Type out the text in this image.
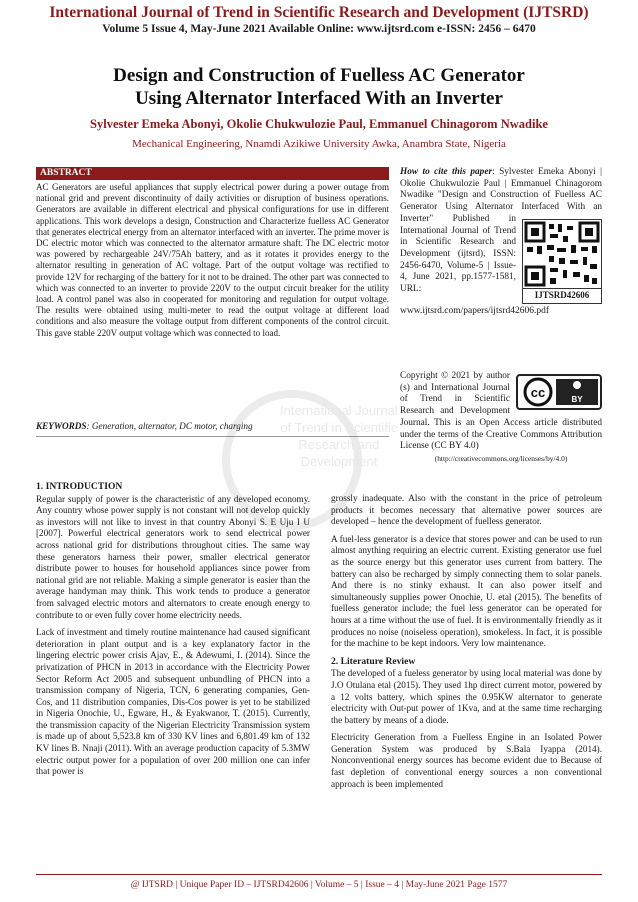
International Journal of Trend in Scientific Research and Development (IJTSRD)
Volume 5 Issue 4, May-June 2021 Available Online: www.ijtsrd.com e-ISSN: 2456 – 6470
Design and Construction of Fuelless AC Generator
Using Alternator Interfaced With an Inverter
Sylvester Emeka Abonyi, Okolie Chukwulozie Paul, Emmanuel Chinagorom Nwadike
Mechanical Engineering, Nnamdi Azikiwe University Awka, Anambra State, Nigeria
ABSTRACT
AC Generators are useful appliances that supply electrical power during a power outage from national grid and prevent discontinuity of daily activities or disruption of business operations. Generators are available in different electrical and physical configurations for use in different applications. This work develops a design, Construction and Characterize fuelless AC Generator that generates electrical energy from an alternator interfaced with an inverter. The prime mover is DC electric motor which was connected to the alternator armature shaft. The DC electric motor was powered by rechargeable 24V/75Ah battery, and as it rotates it provides energy to the alternator resulting in generation of AC voltage. Part of the output voltage was rectified to provide 12V for recharging of the battery for it not to be drained. The other part was connected to which was connected to an inverter to provide 220V to the output circuit breaker for the utility load. A control panel was also in cooperated for monitoring and regulation for output voltage. The results were obtained using multi-meter to read the output voltage at different load conditions and also measure the voltage output from different components of the control circuit. This gave stable 220V output voltage which was connected to load.
KEYWORDS: Generation, alternator, DC motor, charging
International Journal
of Trend in Scientific
Research and
Development
How to cite this paper: Sylvester Emeka Abonyi | Okolie Chukwulozie Paul | Emmanuel Chinagorom Nwadike "Design and Construction of Fuelless AC Generator Using Alternator Interfaced With an Inverter"
IJTSRD42606
Published in International Journal of Trend in Scientific Research and Development (ijtsrd), ISSN: 2456-6470, Volume-5 | Issue-4, June 2021, pp.1577-1581, URL:
www.ijtsrd.com/papers/ijtsrd42606.pdf
cc	BY
Copyright © 2021 by author (s) and International Journal of Trend in Scientific Research and Development Journal. This is an Open Access article distributed under the terms of the Creative Commons Attribution License (CC BY 4.0)
(http://creativecommons.org/licenses/by/4.0)
1. INTRODUCTION

Regular supply of power is the characteristic of any developed economy. Any country whose power supply is not constant will not develop quickly as investors will not like to invest in that country Abonyi S. E Uju I U [2007]. Powerful electrical generators work to send electrical power across national grid for distributions throughout cities. The same way these generators harness their power, smaller electrical generator distribute power to houses for household appliances since power from national grid are not reliable. Making a simple generator is easier than the average handyman may think. This work tends to produce a generator from salvaged electric motors and alternators to create enough energy to contribute to or even fully cover home electricity needs.

Lack of investment and timely routine maintenance had caused significant deterioration in plant output and is a key explanatory factor in the lingering electric power crisis Ajav, E., & Adewumi, I. (2014). Since the privatization of PHCN in 2013 in accordance with the Electricity Power Sector Reform Act 2005 and subsequent unbundling of PHCN into a transmission company of Nigeria, TCN, 6 generating companies, Gen-Cos, and 11 distribution companies, Dis-Cos power is yet to be stabilized in Nigeria Onochie, U., Egware, H., & Eyakwanor, T. (2015). Currently, the transmission capacity of the Nigerian Electricity Transmission system is made up of about 5,523.8 km of 330 KV lines and 6,801.49 km of 132 KV lines B. Nnaji (2011). With an average production capacity of 5.3MW electric output power for a population of over 200 million one can infer that power is

grossly inadequate. Also with the constant in the price of petroleum products it becomes necessary that alternative power sources are developed – hence the development of fuelless generator.

A fuel-less generator is a device that stores power and can be used to run almost anything requiring an electric current. Existing generator use fuel as the source energy but this generator uses current from battery. The battery can also be recharged by simply connecting them to solar panels. And there is no stinky exhaust. It can also power itself and simultaneously supplies power Onochie, U. etal (2015). The benefits of fuelless generator include; the fuel less generator can be operated for hours at a time without the use of fuel. It is environmentally friendly as it produces no noise (noiseless operation), smokeless. In fact, it is possible for the machine to be kept indoors. Very low maintenance.

2. Literature Review

The developed of a fueless generator by using local material was done by J.O Otulana etal (2015). They used 1hp direct current motor, powered by a 12 volts battery, which spines the 0.95KW alternator to generate electricity with Out-put power of 1Kva, and at the same time recharging the battery by means of a diode.

Electricity Generation from a Fuelless Engine in an Isolated Power Generation System was produced by S.Bala Iyappa (2014). Nonconventional energy sources has become evident due to Because of fast depletion of conventional energy sources a non conventional approach is been implemented

@ IJTSRD | Unique Paper ID – IJTSRD42606 | Volume – 5 | Issue – 4 | May-June 2021 Page 1577
